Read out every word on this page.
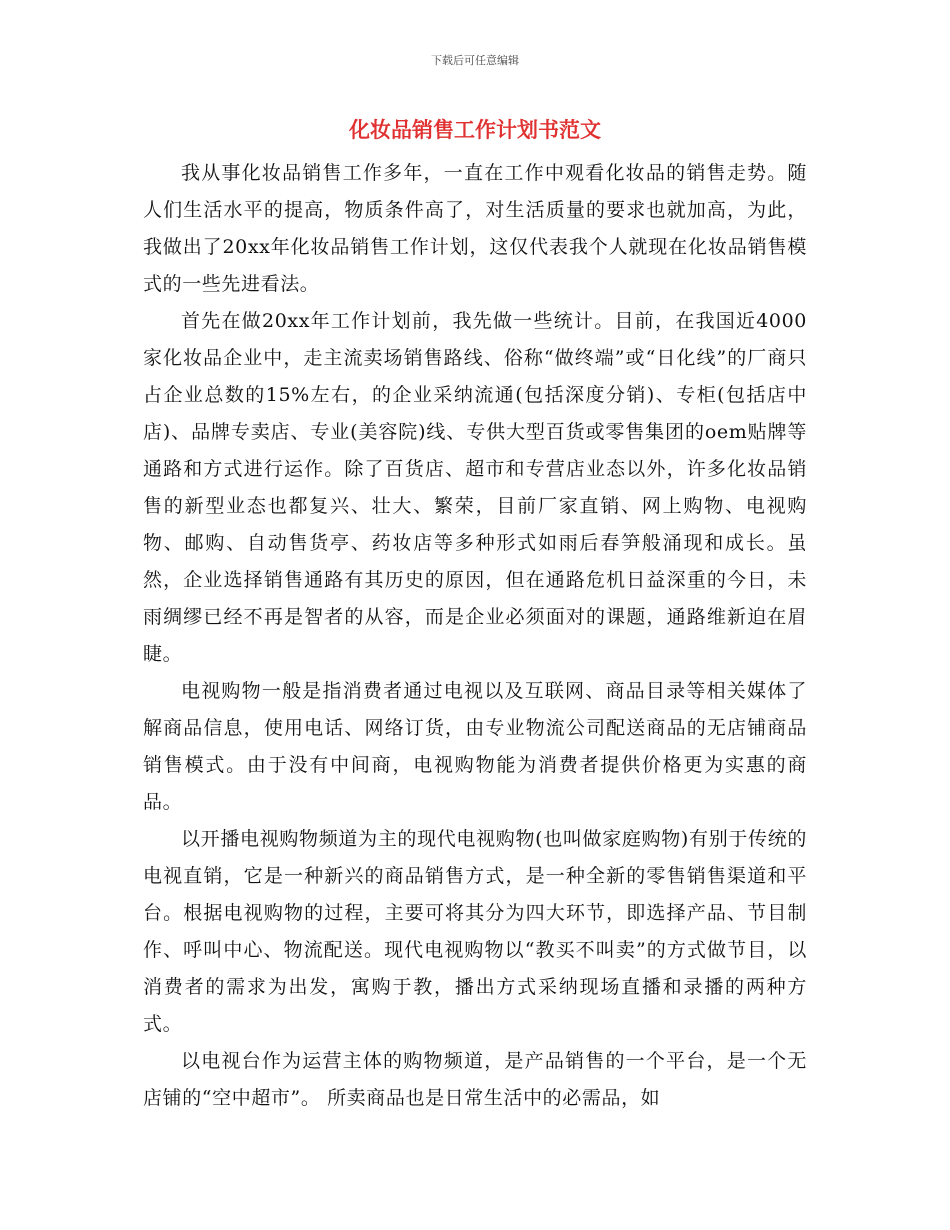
下载后可任意编辑
化妆品销售工作计划书范文

我从事化妆品销售工作多年，一直在工作中观看化妆品的销售走势。随人们生活水平的提高，物质条件高了，对生活质量的要求也就加高，为此，我做出了20xx年化妆品销售工作计划，这仅代表我个人就现在化妆品销售模式的一些先进看法。

首先在做20xx年工作计划前，我先做一些统计。目前，在我国近4000家化妆品企业中，走主流卖场销售路线、俗称“做终端”或“日化线”的厂商只占企业总数的15%左右，的企业采纳流通(包括深度分销)、专柜(包括店中店)、品牌专卖店、专业(美容院)线、专供大型百货或零售集团的oem贴牌等通路和方式进行运作。除了百货店、超市和专营店业态以外，许多化妆品销售的新型业态也都复兴、壮大、繁荣，目前厂家直销、网上购物、电视购物、邮购、自动售货亭、药妆店等多种形式如雨后春笋般涌现和成长。虽然，企业选择销售通路有其历史的原因，但在通路危机日益深重的今日，未雨绸缪已经不再是智者的从容，而是企业必须面对的课题，通路维新迫在眉睫。

电视购物一般是指消费者通过电视以及互联网、商品目录等相关媒体了解商品信息，使用电话、网络订货，由专业物流公司配送商品的无店铺商品销售模式。由于没有中间商，电视购物能为消费者提供价格更为实惠的商品。

以开播电视购物频道为主的现代电视购物(也叫做家庭购物)有别于传统的电视直销，它是一种新兴的商品销售方式，是一种全新的零售销售渠道和平台。根据电视购物的过程，主要可将其分为四大环节，即选择产品、节目制作、呼叫中心、物流配送。现代电视购物以“教买不叫卖”的方式做节目，以消费者的需求为出发，寓购于教，播出方式采纳现场直播和录播的两种方式。

以电视台作为运营主体的购物频道，是产品销售的一个平台，是一个无店铺的“空中超市”。 所卖商品也是日常生活中的必需品，如
